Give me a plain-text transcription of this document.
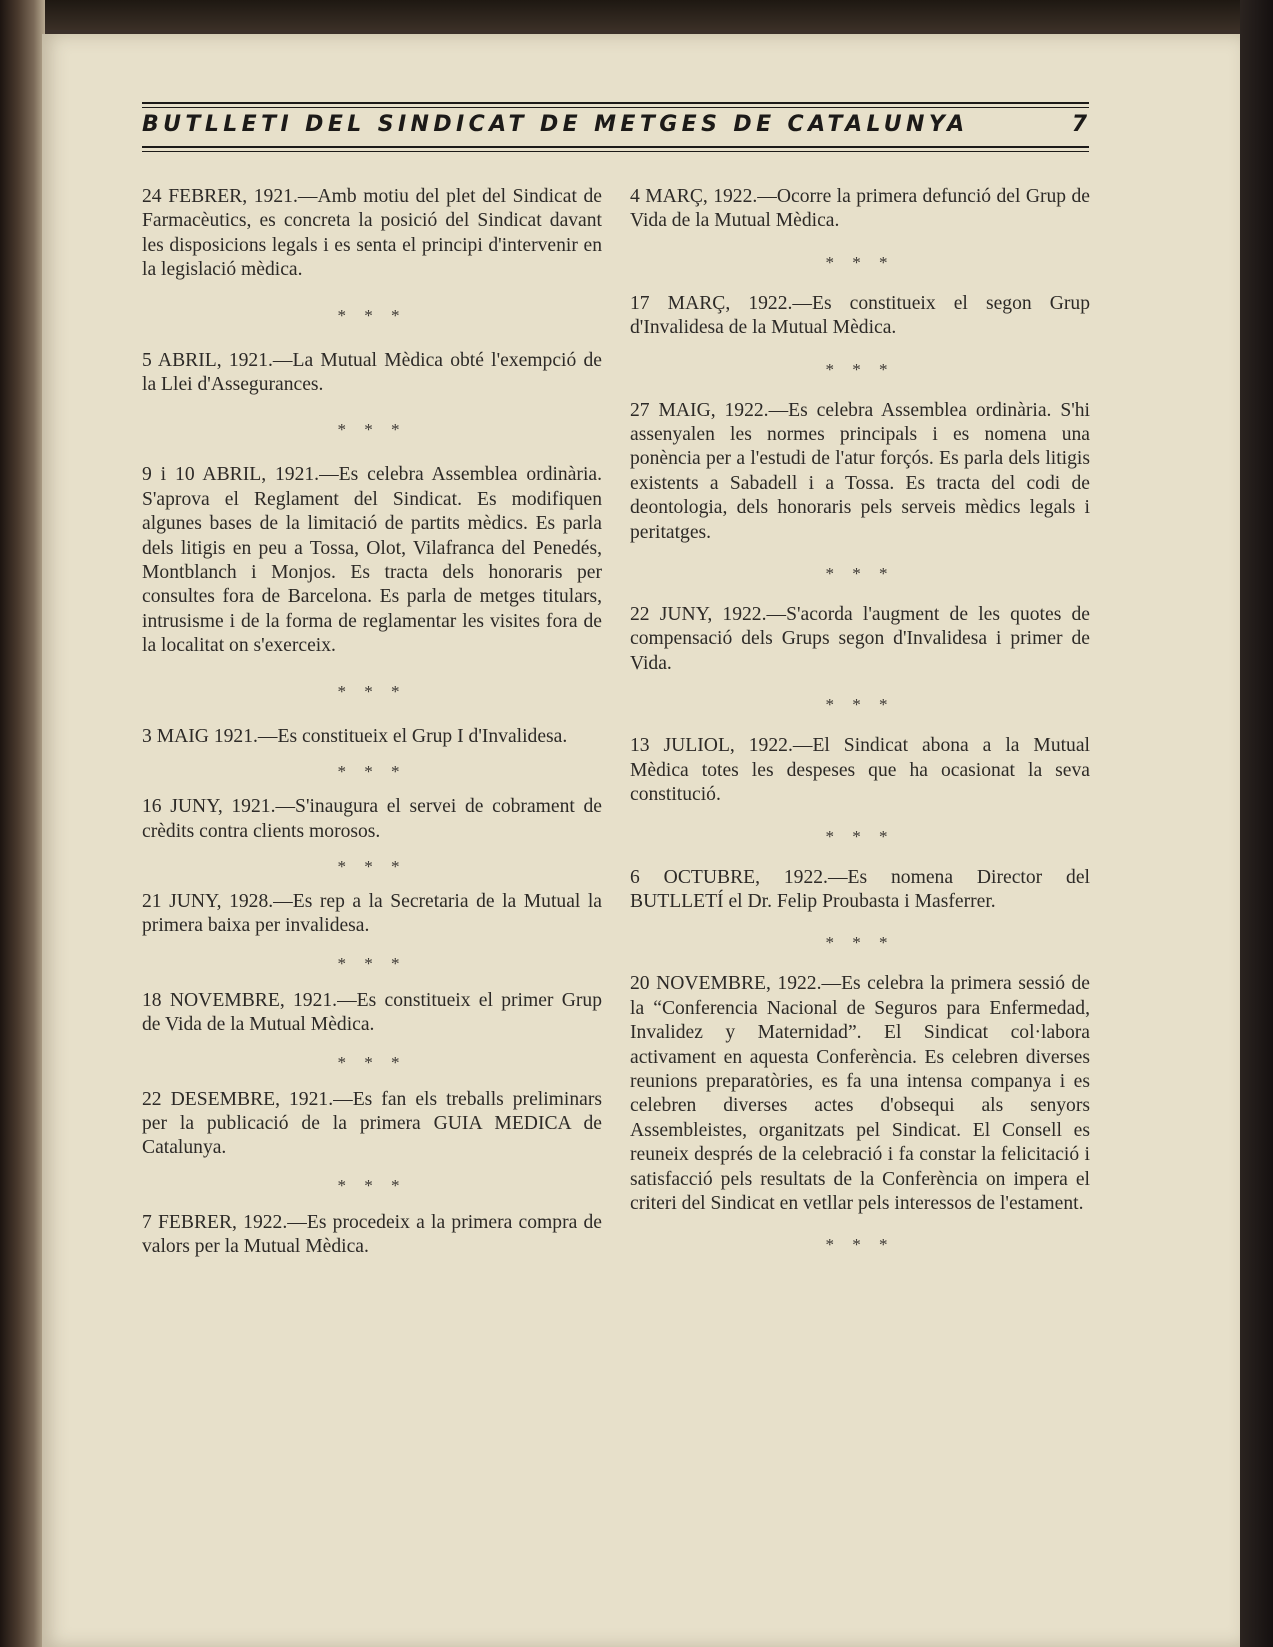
BUTLLETI DEL SINDICAT DE METGES DE CATALUNYA	7

24 FEBRER, 1921.—Amb motiu del plet del Sindicat de Farmacèutics, es concreta la posició del Sindicat davant les disposicions legals i es senta el principi d'intervenir en la legislació mèdica.

* * *

5 ABRIL, 1921.—La Mutual Mèdica obté l'exempció de la Llei d'Assegurances.

* * *

9 i 10 ABRIL, 1921.—Es celebra Assemblea ordinària. S'aprova el Reglament del Sindicat. Es modifiquen algunes bases de la limitació de partits mèdics. Es parla dels litigis en peu a Tossa, Olot, Vilafranca del Penedés, Montblanch i Monjos. Es tracta dels honoraris per consultes fora de Barcelona. Es parla de metges titulars, intrusisme i de la forma de reglamentar les visites fora de la localitat on s'exerceix.

* * *

3 MAIG 1921.—Es constitueix el Grup I d'Invalidesa.

* * *

16 JUNY, 1921.—S'inaugura el servei de cobrament de crèdits contra clients morosos.

* * *

21 JUNY, 1928.—Es rep a la Secretaria de la Mutual la primera baixa per invalidesa.

* * *

18 NOVEMBRE, 1921.—Es constitueix el primer Grup de Vida de la Mutual Mèdica.

* * *

22 DESEMBRE, 1921.—Es fan els treballs preliminars per la publicació de la primera GUIA MEDICA de Catalunya.

* * *

7 FEBRER, 1922.—Es procedeix a la primera compra de valors per la Mutual Mèdica.

4 MARÇ, 1922.—Ocorre la primera defunció del Grup de Vida de la Mutual Mèdica.

* * *

17 MARÇ, 1922.—Es constitueix el segon Grup d'Invalidesa de la Mutual Mèdica.

* * *

27 MAIG, 1922.—Es celebra Assemblea ordinària. S'hi assenyalen les normes principals i es nomena una ponència per a l'estudi de l'atur forçós. Es parla dels litigis existents a Sabadell i a Tossa. Es tracta del codi de deontologia, dels honoraris pels serveis mèdics legals i peritatges.

* * *

22 JUNY, 1922.—S'acorda l'augment de les quotes de compensació dels Grups segon d'Invalidesa i primer de Vida.

* * *

13 JULIOL, 1922.—El Sindicat abona a la Mutual Mèdica totes les despeses que ha ocasionat la seva constitució.

* * *

6 OCTUBRE, 1922.—Es nomena Director del BUTLLETÍ el Dr. Felip Proubasta i Masferrer.

* * *

20 NOVEMBRE, 1922.—Es celebra la primera sessió de la “Conferencia Nacional de Seguros para Enfermedad, Invalidez y Maternidad”. El Sindicat col·labora activament en aquesta Conferència. Es celebren diverses reunions preparatòries, es fa una intensa companya i es celebren diverses actes d'obsequi als senyors Assembleistes, organitzats pel Sindicat. El Consell es reuneix després de la celebració i fa constar la felicitació i satisfacció pels resultats de la Conferència on impera el criteri del Sindicat en vetllar pels interessos de l'estament.

* * *
